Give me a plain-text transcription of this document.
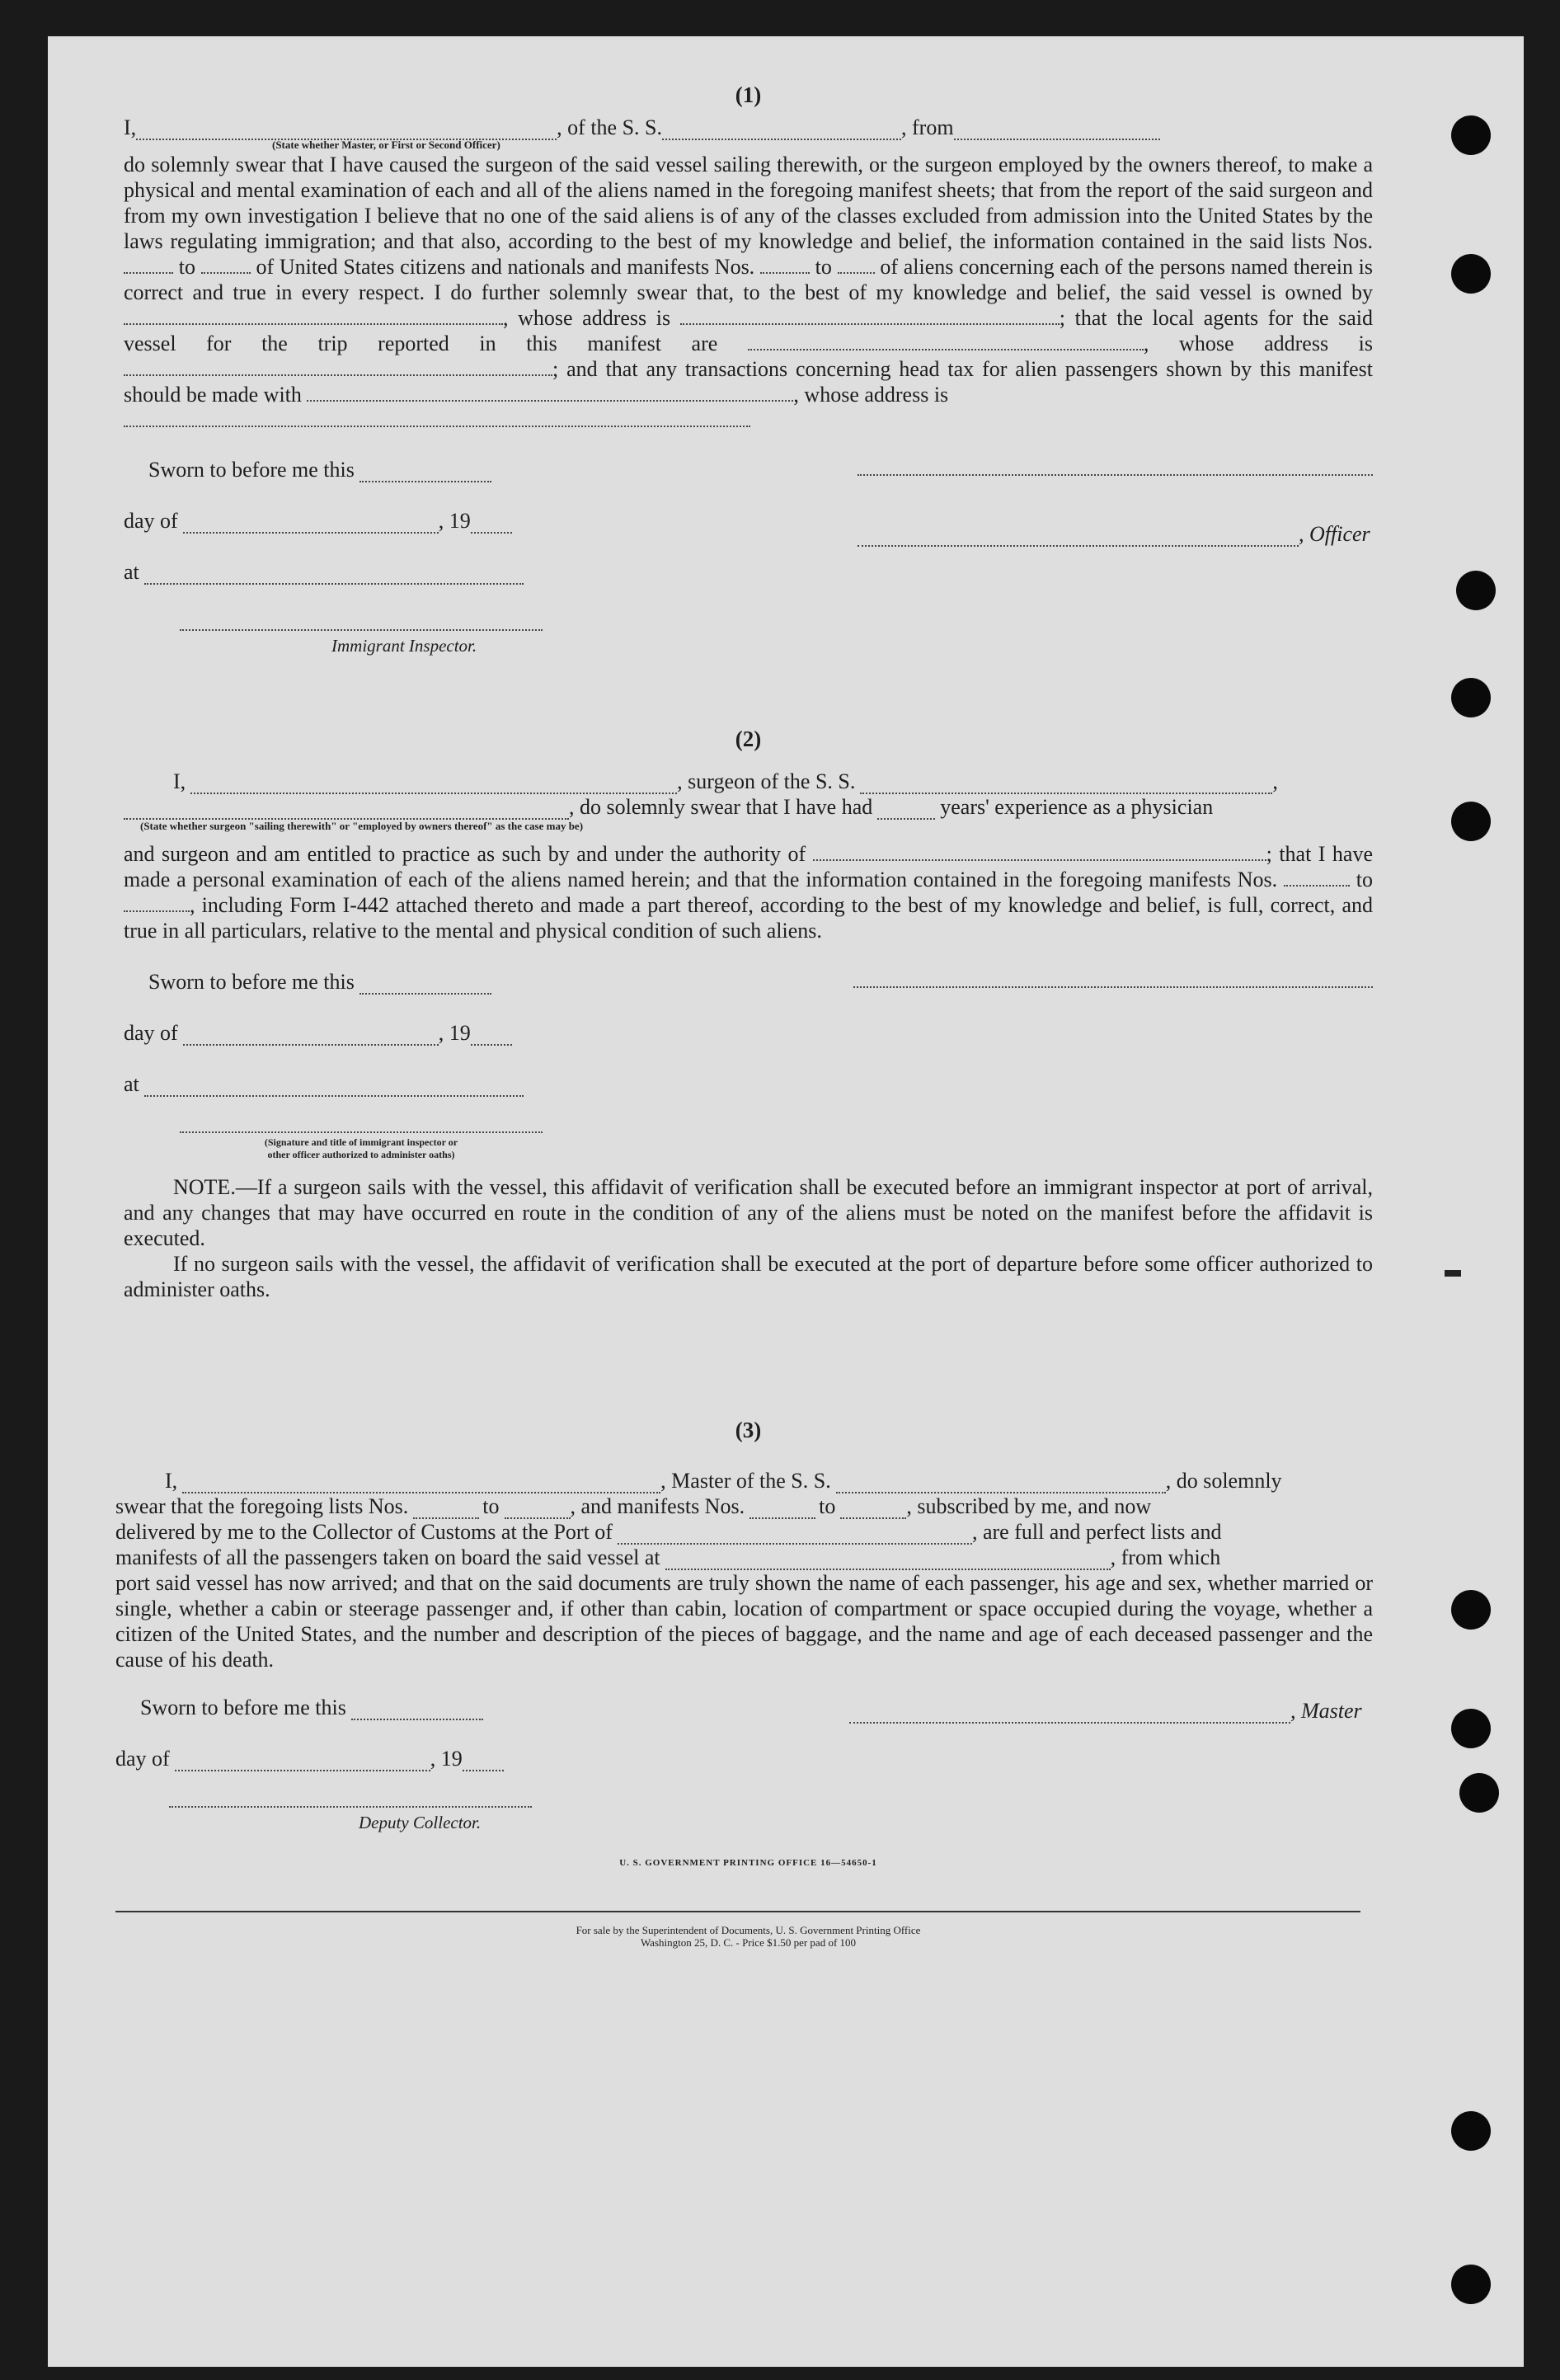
(1)
I,	, of the S. S.	, from
(State whether Master, or First or Second Officer)
do solemnly swear that I have caused the surgeon of the said vessel sailing therewith, or the surgeon employed by the owners thereof, to make a physical and mental examination of each and all of the aliens named in the foregoing manifest sheets; that from the report of the said surgeon and from my own investigation I believe that no one of the said aliens is of any of the classes excluded from admission into the United States by the laws regulating immigration; and that also, according to the best of my knowledge and belief, the information contained in the said lists Nos.  to	of United States citizens and nationals and manifests Nos.	to of aliens concerning each of the persons named therein is correct and true in every respect. I do further solemnly swear that, to the best of my knowledge and belief, the said vessel is owned by , whose address is	; that the local agents for the said vessel for the trip reported in this manifest are	, whose address is ; and that any transactions concerning head tax for alien passengers shown by this manifest should be made with	, whose address is

Sworn to before me this
day of	, 19
at
Immigrant Inspector.
, Officer
(2)
I,	, surgeon of the S. S.	,
, do solemnly swear that I have had	years' experience as a physician
(State whether surgeon "sailing therewith" or "employed by owners thereof" as the case may be)
and surgeon and am entitled to practice as such by and under the authority of	; that I have made a personal examination of each of the aliens named herein; and that the information contained in the foregoing manifests Nos.	to , including Form I-442 attached thereto and made a part thereof, according to the best of my knowledge and belief, is full, correct, and true in all particulars, relative to the mental and physical condition of such aliens.
Sworn to before me this
day of	, 19
at
(Signature and title of immigrant inspector or
other officer authorized to administer oaths)
NOTE.—If a surgeon sails with the vessel, this affidavit of verification shall be executed before an immigrant inspector at port of arrival, and any changes that may have occurred en route in the condition of any of the aliens must be noted on the manifest before the affidavit is executed.
If no surgeon sails with the vessel, the affidavit of verification shall be executed at the port of departure before some officer authorized to administer oaths.
(3)
I,	, Master of the S. S.	, do solemnly
swear that the foregoing lists Nos.	to	, and manifests Nos.	to	, subscribed by me, and now
delivered by me to the Collector of Customs at the Port of	, are full and perfect lists and
manifests of all the passengers taken on board the said vessel at	, from which
port said vessel has now arrived; and that on the said documents are truly shown the name of each passenger, his age and sex, whether married or single, whether a cabin or steerage passenger and, if other than cabin, location of compartment or space occupied during the voyage, whether a citizen of the United States, and the number and description of the pieces of baggage, and the name and age of each deceased passenger and the cause of his death.
Sworn to before me this	, Master
day of	, 19
Deputy Collector.
U. S. GOVERNMENT PRINTING OFFICE 16—54650-1
For sale by the Superintendent of Documents, U. S. Government Printing Office
Washington 25, D. C. - Price $1.50 per pad of 100
